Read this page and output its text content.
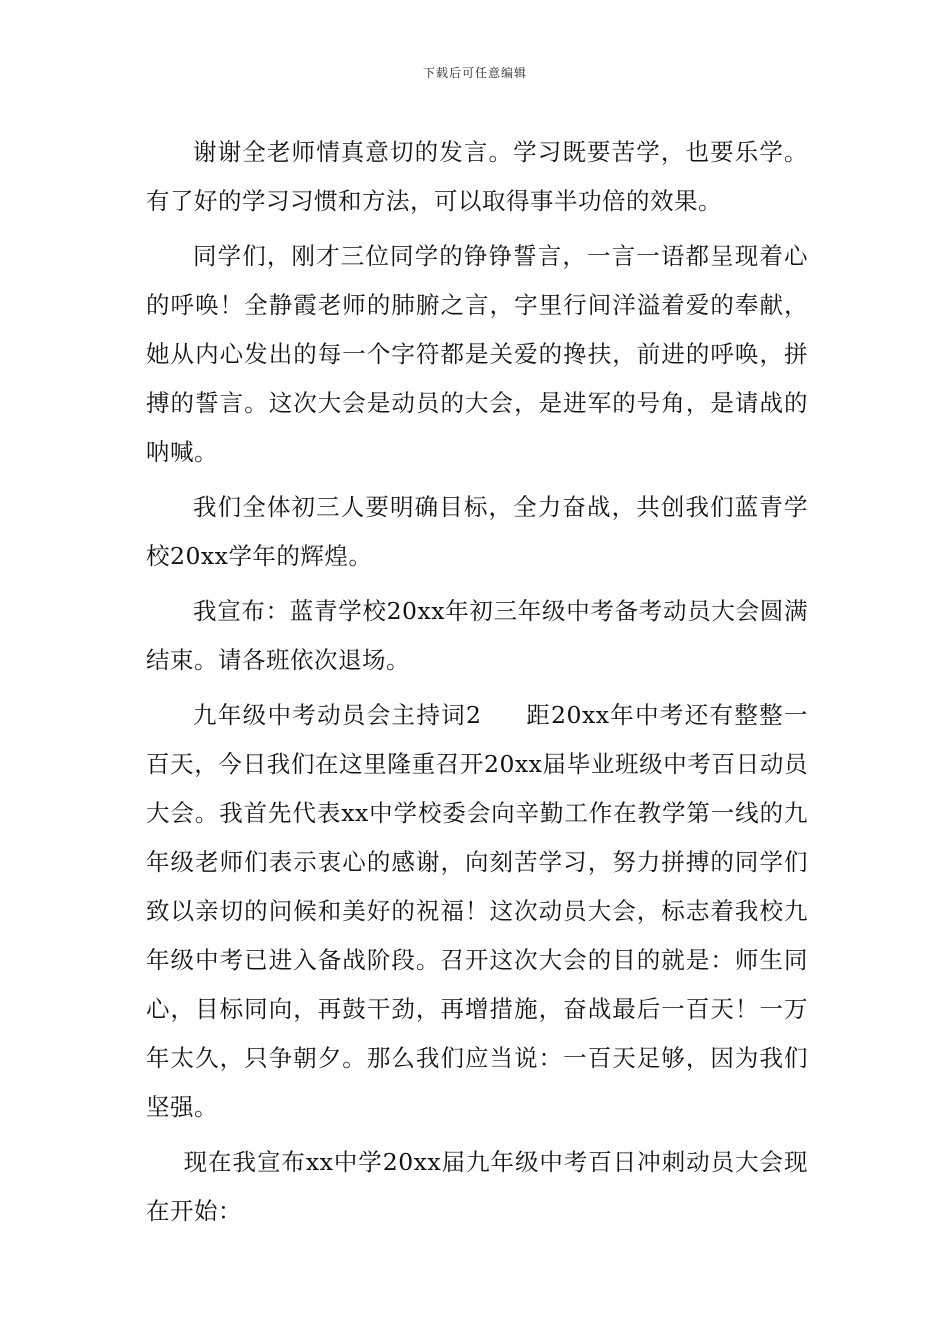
下载后可任意编辑

谢谢全老师情真意切的发言。学习既要苦学，也要乐学。有了好的学习习惯和方法，可以取得事半功倍的效果。

同学们，刚才三位同学的铮铮誓言，一言一语都呈现着心的呼唤！全静霞老师的肺腑之言，字里行间洋溢着爱的奉献，她从内心发出的每一个字符都是关爱的搀扶，前进的呼唤，拼搏的誓言。这次大会是动员的大会，是进军的号角，是请战的呐喊。

我们全体初三人要明确目标，全力奋战，共创我们蓝青学校20xx学年的辉煌。

我宣布：蓝青学校20xx年初三年级中考备考动员大会圆满结束。请各班依次退场。

九年级中考动员会主持词2 距20xx年中考还有整整一百天，今日我们在这里隆重召开20xx届毕业班级中考百日动员大会。我首先代表xx中学校委会向辛勤工作在教学第一线的九年级老师们表示衷心的感谢，向刻苦学习，努力拼搏的同学们致以亲切的问候和美好的祝福！这次动员大会，标志着我校九年级中考已进入备战阶段。召开这次大会的目的就是：师生同心，目标同向，再鼓干劲，再增措施，奋战最后一百天！一万年太久，只争朝夕。那么我们应当说：一百天足够，因为我们坚强。

现在我宣布xx中学20xx届九年级中考百日冲刺动员大会现在开始：
